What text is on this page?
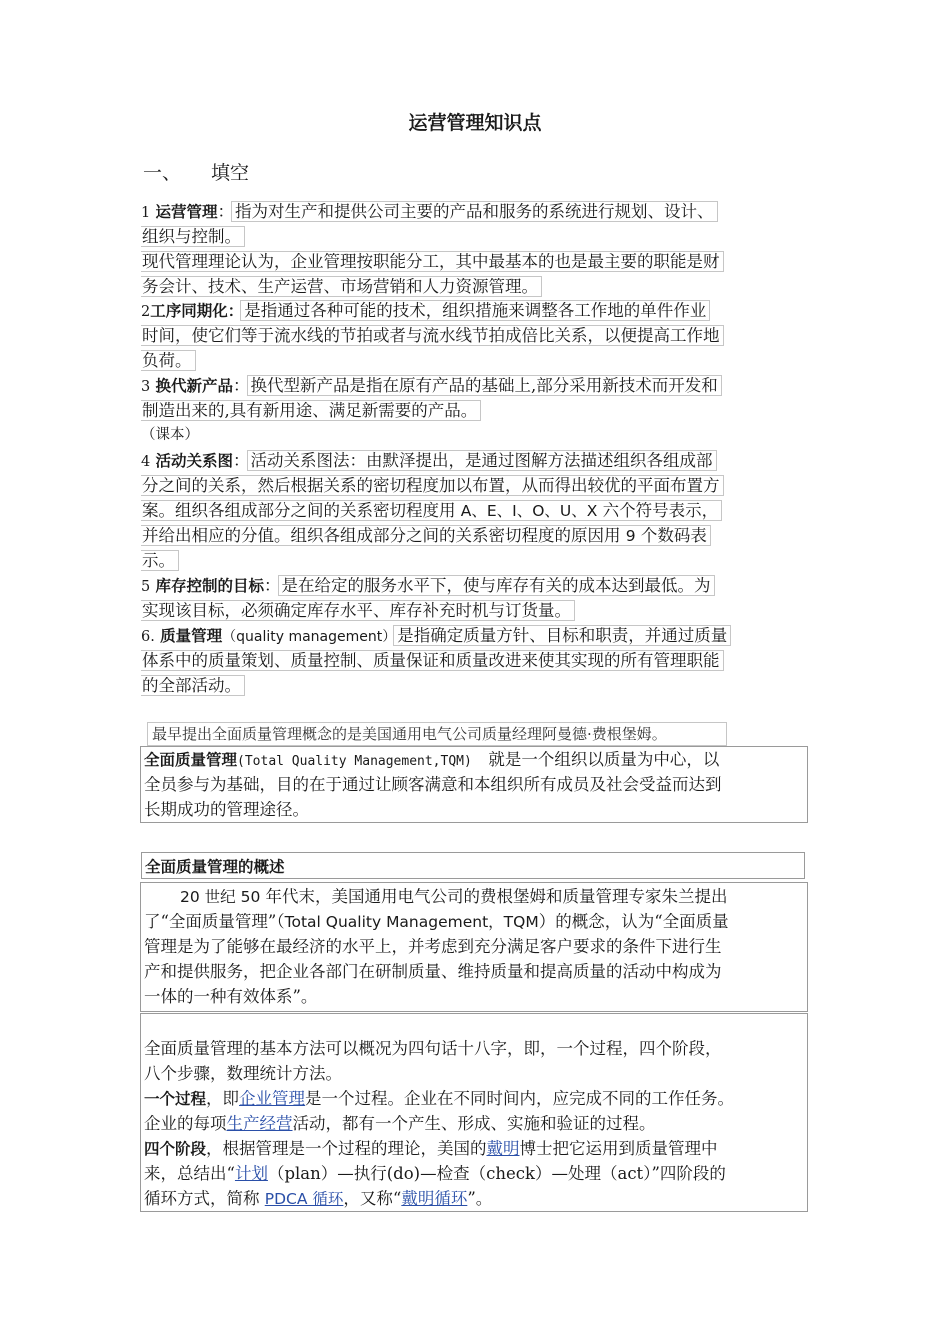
运营管理知识点
一、 填空
1 运营管理：指为对生产和提供公司主要的产品和服务的系统进行规划、设计、
组织与控制。
现代管理理论认为，企业管理按职能分工，其中最基本的也是最主要的职能是财
务会计、技术、生产运营、市场营销和人力资源管理。
2工序同期化：是指通过各种可能的技术，组织措施来调整各工作地的单件作业
时间，使它们等于流水线的节拍或者与流水线节拍成倍比关系，以便提高工作地
负荷。
3 换代新产品：换代型新产品是指在原有产品的基础上,部分采用新技术而开发和
制造出来的,具有新用途、满足新需要的产品。
（课本）
4 活动关系图：活动关系图法：由默泽提出，是通过图解方法描述组织各组成部
分之间的关系，然后根据关系的密切程度加以布置，从而得出较优的平面布置方
案。组织各组成部分之间的关系密切程度用 A、E、I、O、U、X 六个符号表示，
并给出相应的分值。组织各组成部分之间的关系密切程度的原因用 9 个数码表
示。
5 库存控制的目标：是在给定的服务水平下，使与库存有关的成本达到最低。为
实现该目标，必须确定库存水平、库存补充时机与订货量。
6. 质量管理（quality management）是指确定质量方针、目标和职责，并通过质量
体系中的质量策划、质量控制、质量保证和质量改进来使其实现的所有管理职能
的全部活动。
最早提出全面质量管理概念的是美国通用电气公司质量经理阿曼德·费根堡姆。
全面质量管理(Total Quality Management,TQM)　就是一个组织以质量为中心，以
全员参与为基础，目的在于通过让顾客满意和本组织所有成员及社会受益而达到
长期成功的管理途径。
全面质量管理的概述
20 世纪 50 年代末，美国通用电气公司的费根堡姆和质量管理专家朱兰提出
了“全面质量管理”（Total Quality Management，TQM）的概念，认为“全面质量
管理是为了能够在最经济的水平上，并考虑到充分满足客户要求的条件下进行生
产和提供服务，把企业各部门在研制质量、维持质量和提高质量的活动中构成为
一体的一种有效体系”。
全面质量管理的基本方法可以概况为四句话十八字，即，一个过程，四个阶段，
八个步骤，数理统计方法。
一个过程，即企业管理是一个过程。企业在不同时间内，应完成不同的工作任务。
企业的每项生产经营活动，都有一个产生、形成、实施和验证的过程。
四个阶段，根据管理是一个过程的理论，美国的戴明博士把它运用到质量管理中
来，总结出“计划（plan）—执行(do)—检查（check）—处理（act）”四阶段的
循环方式，简称 PDCA 循环，又称“戴明循环”。
